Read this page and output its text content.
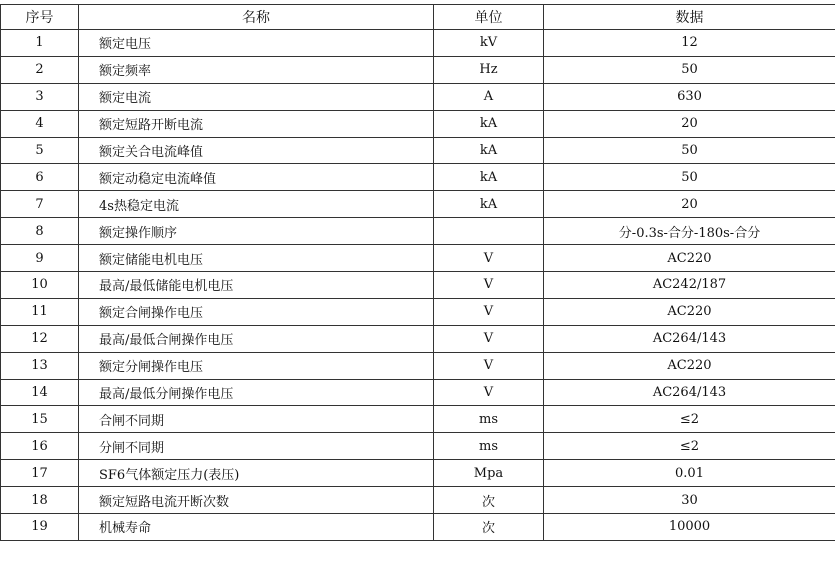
序号	名称	单位	数据
1	额定电压	kV	12
2	额定频率	Hz	50
3	额定电流	A	630
4	额定短路开断电流	kA	20
5	额定关合电流峰值	kA	50
6	额定动稳定电流峰值	kA	50
7	4s热稳定电流	kA	20
8	额定操作顺序		分-0.3s-合分-180s-合分
9	额定储能电机电压	V	AC220
10	最高/最低储能电机电压	V	AC242/187
11	额定合闸操作电压	V	AC220
12	最高/最低合闸操作电压	V	AC264/143
13	额定分闸操作电压	V	AC220
14	最高/最低分闸操作电压	V	AC264/143
15	合闸不同期	ms	≤2
16	分闸不同期	ms	≤2
17	SF6气体额定压力(表压)	Mpa	0.01
18	额定短路电流开断次数	次	30
19	机械寿命	次	10000
